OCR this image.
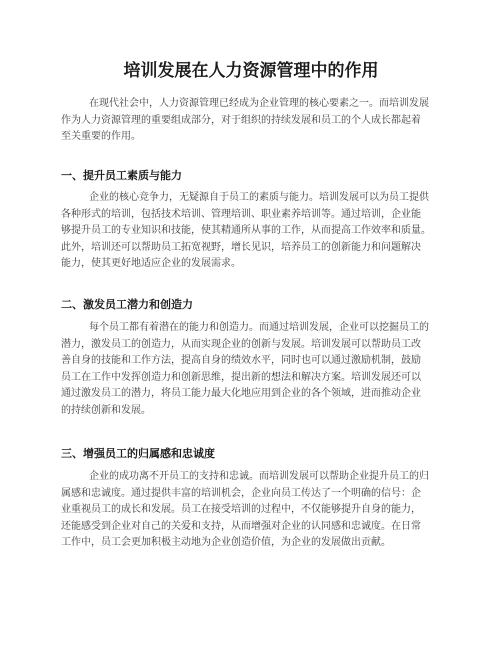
培训发展在人力资源管理中的作用
在现代社会中，人力资源管理已经成为企业管理的核心要素之一。而培训发展
作为人力资源管理的重要组成部分，对于组织的持续发展和员工的个人成长都起着
至关重要的作用。
一、提升员工素质与能力
企业的核心竞争力，无疑源自于员工的素质与能力。培训发展可以为员工提供
各种形式的培训，包括技术培训、管理培训、职业素养培训等。通过培训，企业能
够提升员工的专业知识和技能，使其精通所从事的工作，从而提高工作效率和质量。
此外，培训还可以帮助员工拓宽视野，增长见识，培养员工的创新能力和问题解决
能力，使其更好地适应企业的发展需求。
二、激发员工潜力和创造力
每个员工都有着潜在的能力和创造力。而通过培训发展，企业可以挖掘员工的
潜力，激发员工的创造力，从而实现企业的创新与发展。培训发展可以帮助员工改
善自身的技能和工作方法，提高自身的绩效水平，同时也可以通过激励机制，鼓励
员工在工作中发挥创造力和创新思维，提出新的想法和解决方案。培训发展还可以
通过激发员工的潜力，将员工能力最大化地应用到企业的各个领域，进而推动企业
的持续创新和发展。
三、增强员工的归属感和忠诚度
企业的成功离不开员工的支持和忠诚。而培训发展可以帮助企业提升员工的归
属感和忠诚度。通过提供丰富的培训机会，企业向员工传达了一个明确的信号：企
业重视员工的成长和发展。员工在接受培训的过程中，不仅能够提升自身的能力，
还能感受到企业对自己的关爱和支持，从而增强对企业的认同感和忠诚度。在日常
工作中，员工会更加积极主动地为企业创造价值，为企业的发展做出贡献。
